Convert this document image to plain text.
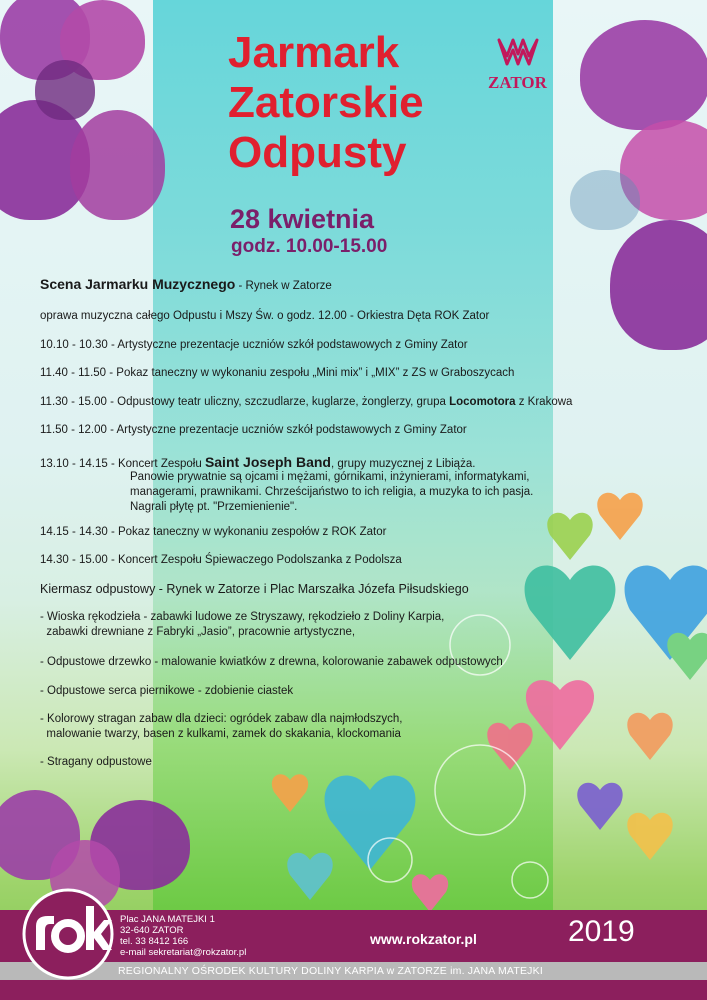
Jarmark
Zatorskie
Odpusty
ZATOR
28 kwietnia
godz. 10.00-15.00
Scena Jarmarku Muzycznego - Rynek w Zatorze
oprawa muzyczna całego Odpustu i Mszy Św. o godz. 12.00 - Orkiestra Dęta ROK Zator
10.10 - 10.30 - Artystyczne prezentacje uczniów szkół podstawowych z Gminy Zator
11.40 - 11.50 - Pokaz taneczny w wykonaniu zespołu „Mini mix” i „MIX” z ZS w Graboszycach
11.30 - 15.00 - Odpustowy teatr uliczny, szczudlarze, kuglarze, żonglerzy, grupa Locomotora z Krakowa
11.50 - 12.00 - Artystyczne prezentacje uczniów szkół podstawowych z Gminy Zator
13.10 - 14.15 - Koncert Zespołu Saint Joseph Band, grupy muzycznej z Libiąża.
Panowie prywatnie są ojcami i mężami, górnikami, inżynierami, informatykami,
managerami, prawnikami. Chrześcijaństwo to ich religia, a muzyka to ich pasja.
Nagrali płytę pt. "Przemienienie".
14.15 - 14.30 - Pokaz taneczny w wykonaniu zespołów z ROK Zator
14.30 - 15.00 - Koncert Zespołu Śpiewaczego Podolszanka z Podolsza
Kiermasz odpustowy - Rynek w Zatorze i Plac Marszałka Józefa Piłsudskiego
- Wioska rękodzieła - zabawki ludowe ze Stryszawy, rękodzieło z Doliny Karpia,
zabawki drewniane z Fabryki „Jasio”, pracownie artystyczne,
- Odpustowe drzewko - malowanie kwiatków z drewna, kolorowanie zabawek odpustowych
- Odpustowe serca piernikowe - zdobienie ciastek
- Kolorowy stragan zabaw dla dzieci: ogródek zabaw dla najmłodszych,
malowanie twarzy, basen z kulkami, zamek do skakania, klockomania
- Stragany odpustowe
Plac JANA MATEJKI 1
32-640 ZATOR
tel. 33 8412 166
e-mail sekretariat@rokzator.pl
www.rokzator.pl	2019
REGIONALNY OŚRODEK KULTURY DOLINY KARPIA w ZATORZE im. JANA MATEJKI
